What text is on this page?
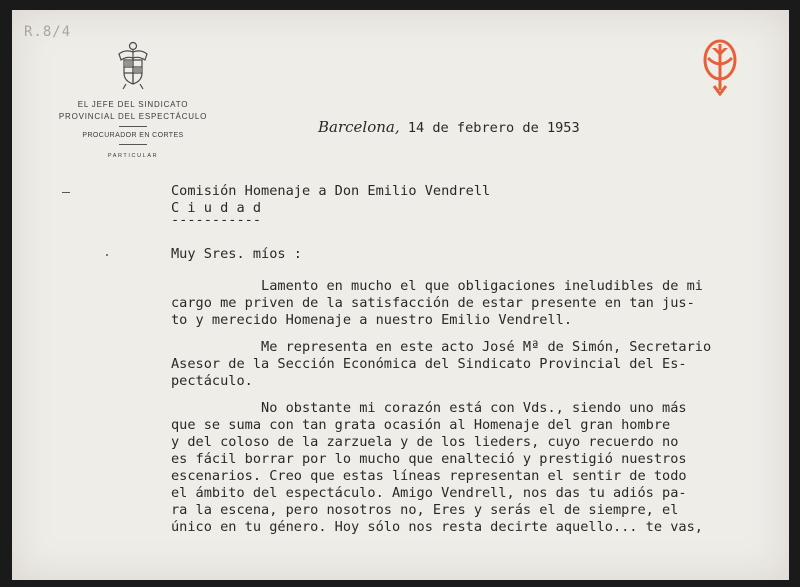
R.8/4
EL JEFE DEL SINDICATO
PROVINCIAL DEL ESPECTÁCULO
PROCURADOR EN CORTES
PARTICULAR
Barcelona, 14 de febrero de 1953
Comisión Homenaje a Don Emilio Vendrell
C i u d a d
-----------
Muy Sres. míos :
Lamento en mucho el que obligaciones ineludibles de mi
cargo me priven de la satisfacción de estar presente en tan jus-
to y merecido Homenaje a nuestro Emilio Vendrell.

Me representa en este acto José Mª de Simón, Secretario
Asesor de la Sección Económica del Sindicato Provincial del Es-
pectáculo.

No obstante mi corazón está con Vds., siendo uno más
que se suma con tan grata ocasión al Homenaje del gran hombre
y del coloso de la zarzuela y de los lieders, cuyo recuerdo no
es fácil borrar por lo mucho que enalteció y prestigió nuestros
escenarios. Creo que estas líneas representan el sentir de todo
el ámbito del espectáculo. Amigo Vendrell, nos das tu adiós pa-
ra la escena, pero nosotros no, Eres y serás el de siempre, el
único en tu género. Hoy sólo nos resta decirte aquello... te vas,
